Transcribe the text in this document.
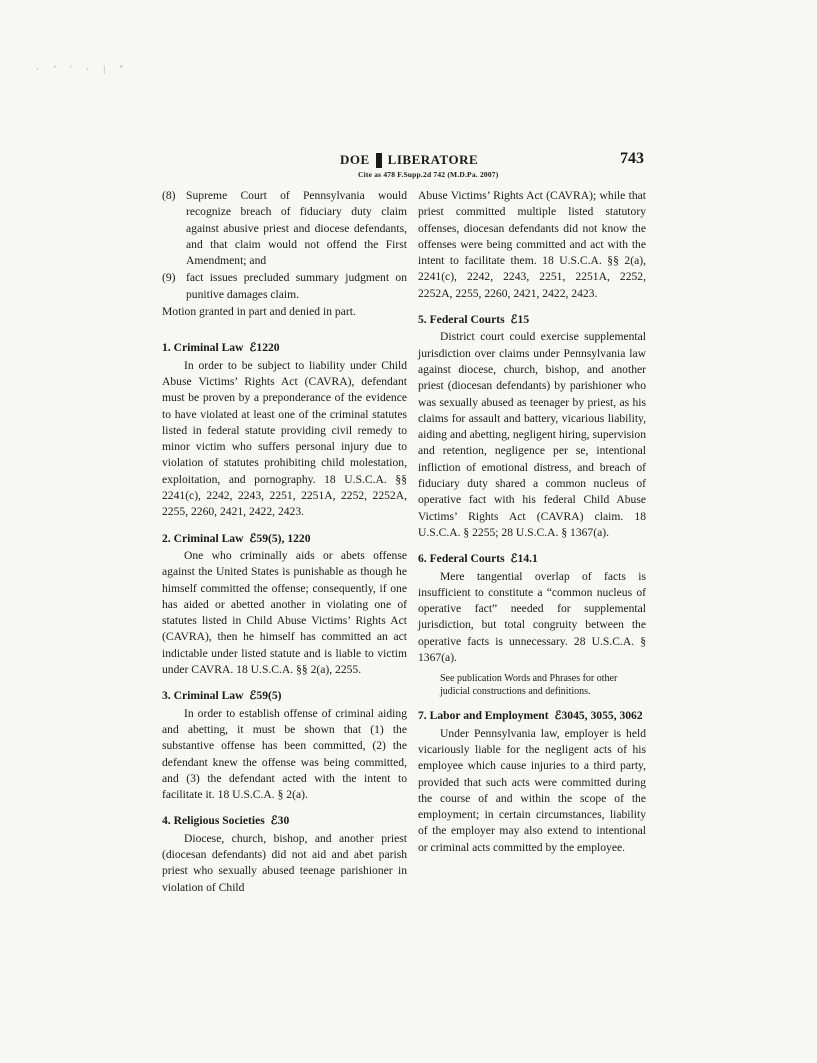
· ’ ′ · | ″
DOE LIBERATORE
Cite as 478 F.Supp.2d 742 (M.D.Pa. 2007)
743
(8) Supreme Court of Pennsylvania would recognize breach of fiduciary duty claim against abusive priest and diocese defendants, and that claim would not offend the First Amendment; and
(9) fact issues precluded summary judgment on punitive damages claim.
Motion granted in part and denied in part.
1. Criminal Law ℰ1220
In order to be subject to liability under Child Abuse Victims’ Rights Act (CAVRA), defendant must be proven by a preponderance of the evidence to have violated at least one of the criminal statutes listed in federal statute providing civil remedy to minor victim who suffers personal injury due to violation of statutes prohibiting child molestation, exploitation, and pornography. 18 U.S.C.A. §§ 2241(c), 2242, 2243, 2251, 2251A, 2252, 2252A, 2255, 2260, 2421, 2422, 2423.
2. Criminal Law ℰ59(5), 1220
One who criminally aids or abets offense against the United States is punishable as though he himself committed the offense; consequently, if one has aided or abetted another in violating one of statutes listed in Child Abuse Victims’ Rights Act (CAVRA), then he himself has committed an act indictable under listed statute and is liable to victim under CAVRA. 18 U.S.C.A. §§ 2(a), 2255.
3. Criminal Law ℰ59(5)
In order to establish offense of criminal aiding and abetting, it must be shown that (1) the substantive offense has been committed, (2) the defendant knew the offense was being committed, and (3) the defendant acted with the intent to facilitate it. 18 U.S.C.A. § 2(a).
4. Religious Societies ℰ30
Diocese, church, bishop, and another priest (diocesan defendants) did not aid and abet parish priest who sexually abused teenage parishioner in violation of Child
Abuse Victims’ Rights Act (CAVRA); while that priest committed multiple listed statutory offenses, diocesan defendants did not know the offenses were being committed and act with the intent to facilitate them. 18 U.S.C.A. §§ 2(a), 2241(c), 2242, 2243, 2251, 2251A, 2252, 2252A, 2255, 2260, 2421, 2422, 2423.
5. Federal Courts ℰ15
District court could exercise supplemental jurisdiction over claims under Pennsylvania law against diocese, church, bishop, and another priest (diocesan defendants) by parishioner who was sexually abused as teenager by priest, as his claims for assault and battery, vicarious liability, aiding and abetting, negligent hiring, supervision and retention, negligence per se, intentional infliction of emotional distress, and breach of fiduciary duty shared a common nucleus of operative fact with his federal Child Abuse Victims’ Rights Act (CAVRA) claim. 18 U.S.C.A. § 2255; 28 U.S.C.A. § 1367(a).
6. Federal Courts ℰ14.1
Mere tangential overlap of facts is insufficient to constitute a “common nucleus of operative fact” needed for supplemental jurisdiction, but total congruity between the operative facts is unnecessary. 28 U.S.C.A. § 1367(a).
See publication Words and Phrases for other judicial constructions and definitions.
7. Labor and Employment ℰ3045, 3055, 3062
Under Pennsylvania law, employer is held vicariously liable for the negligent acts of his employee which cause injuries to a third party, provided that such acts were committed during the course of and within the scope of the employment; in certain circumstances, liability of the employer may also extend to intentional or criminal acts committed by the employee.
